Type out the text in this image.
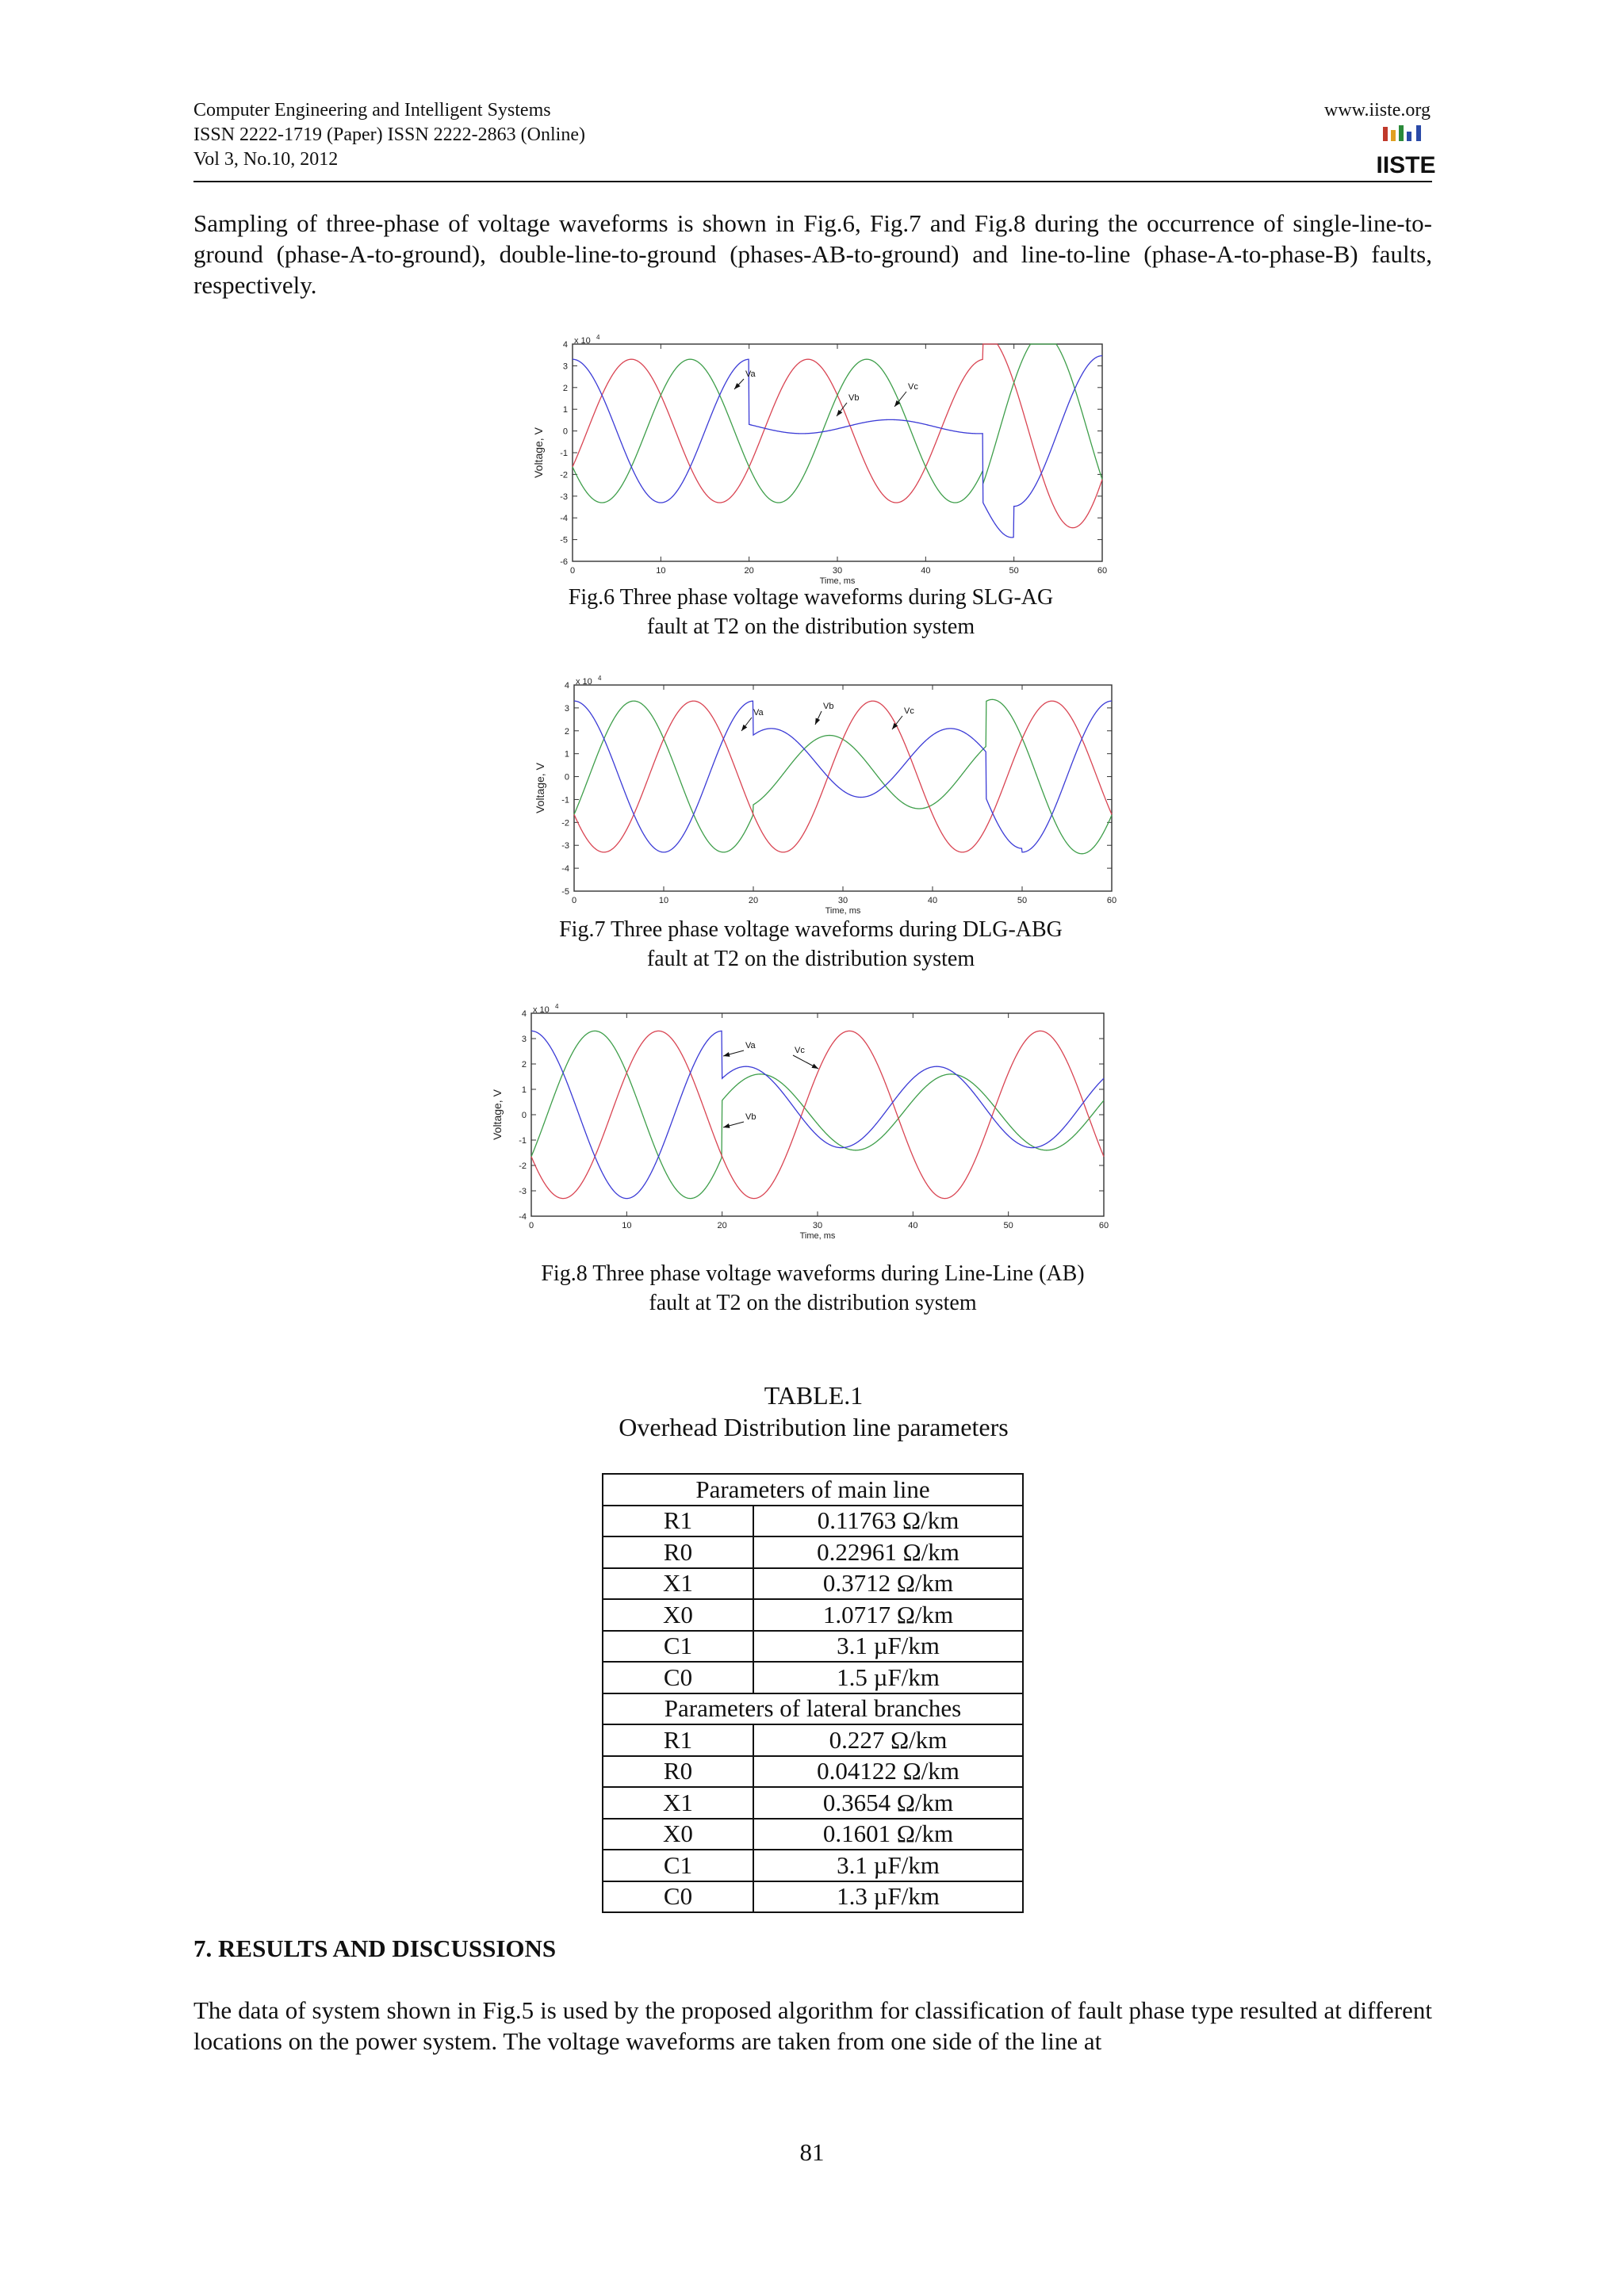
Computer Engineering and Intelligent Systems
ISSN 2222-1719 (Paper) ISSN 2222-2863 (Online)
Vol 3, No.10, 2012
www.iiste.org
IISTE
Sampling of three-phase of voltage waveforms is shown in Fig.6, Fig.7 and Fig.8 during the occurrence of single-line-to-ground (phase-A-to-ground), double-line-to-ground (phases-AB-to-ground) and line-to-line (phase-A-to-phase-B) faults, respectively.
0	10	20	30	40	50	60
-6
-5
-4
-3
-2
-1
0
1
2
3
4 x 10 4
Time, ms
Voltage, V
Va
Vb
Vc
Fig.6 Three phase voltage waveforms during SLG-AG
fault at T2 on the distribution system
0	10	20	30	40	50	60
-5
-4
-3
-2
-1
0
1
2
3
4 x 10 4
Time, ms
Voltage, V
Va
Vb	Vc
Fig.7 Three phase voltage waveforms during DLG-ABG
fault at T2 on the distribution system
0	10	20	30	40	50	60
-4
-3
-2
-1
0
1
2
3
4 x 10 4
Time, ms
Voltage, V
Va	Vc
Vb
Fig.8 Three phase voltage waveforms during Line-Line (AB)
fault at T2 on the distribution system
TABLE.1
Overhead Distribution line parameters
Parameters of main line	
R1	0.11763 Ω/km
R0	0.22961 Ω/km
X1	0.3712 Ω/km
X0	1.0717 Ω/km
C1	3.1 µF/km
C0	1.5 µF/km
Parameters of lateral branches	
R1	0.227 Ω/km
R0	0.04122 Ω/km
X1	0.3654 Ω/km
X0	0.1601 Ω/km
C1	3.1 µF/km
C0	1.3 µF/km
7. RESULTS AND DISCUSSIONS
The data of system shown in Fig.5 is used by the proposed algorithm for classification of fault phase type resulted at different locations on the power system. The voltage waveforms are taken from one side of the line at
81
